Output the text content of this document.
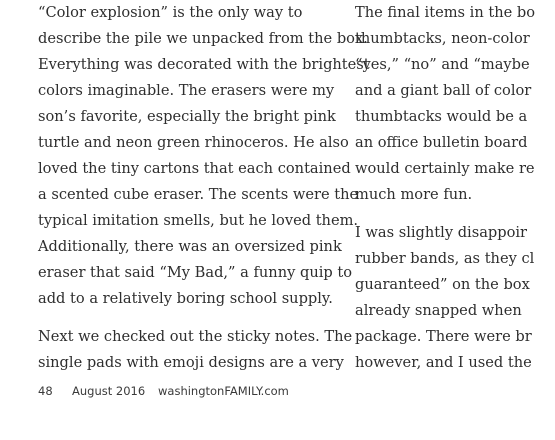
“Color explosion” is the only way to
describe the pile we unpacked from the box.
Everything was decorated with the brightest
colors imaginable. The erasers were my
son’s favorite, especially the bright pink
turtle and neon green rhinoceros. He also
loved the tiny cartons that each contained
a scented cube eraser. The scents were the
typical imitation smells, but he loved them.
Additionally, there was an oversized pink
eraser that said “My Bad,” a funny quip to
add to a relatively boring school supply.
Next we checked out the sticky notes. The
single pads with emoji designs are a very
The final items in the bo
thumbtacks, neon-color
“yes,” “no” and “maybe
and a giant ball of color
thumbtacks would be a
an office bulletin board
would certainly make re
much more fun.
I was slightly disappoir
rubber bands, as they cl
guaranteed” on the box
already snapped when
package. There were br
however, and I used the
48 August 2016 washingtonFAMILY.com
